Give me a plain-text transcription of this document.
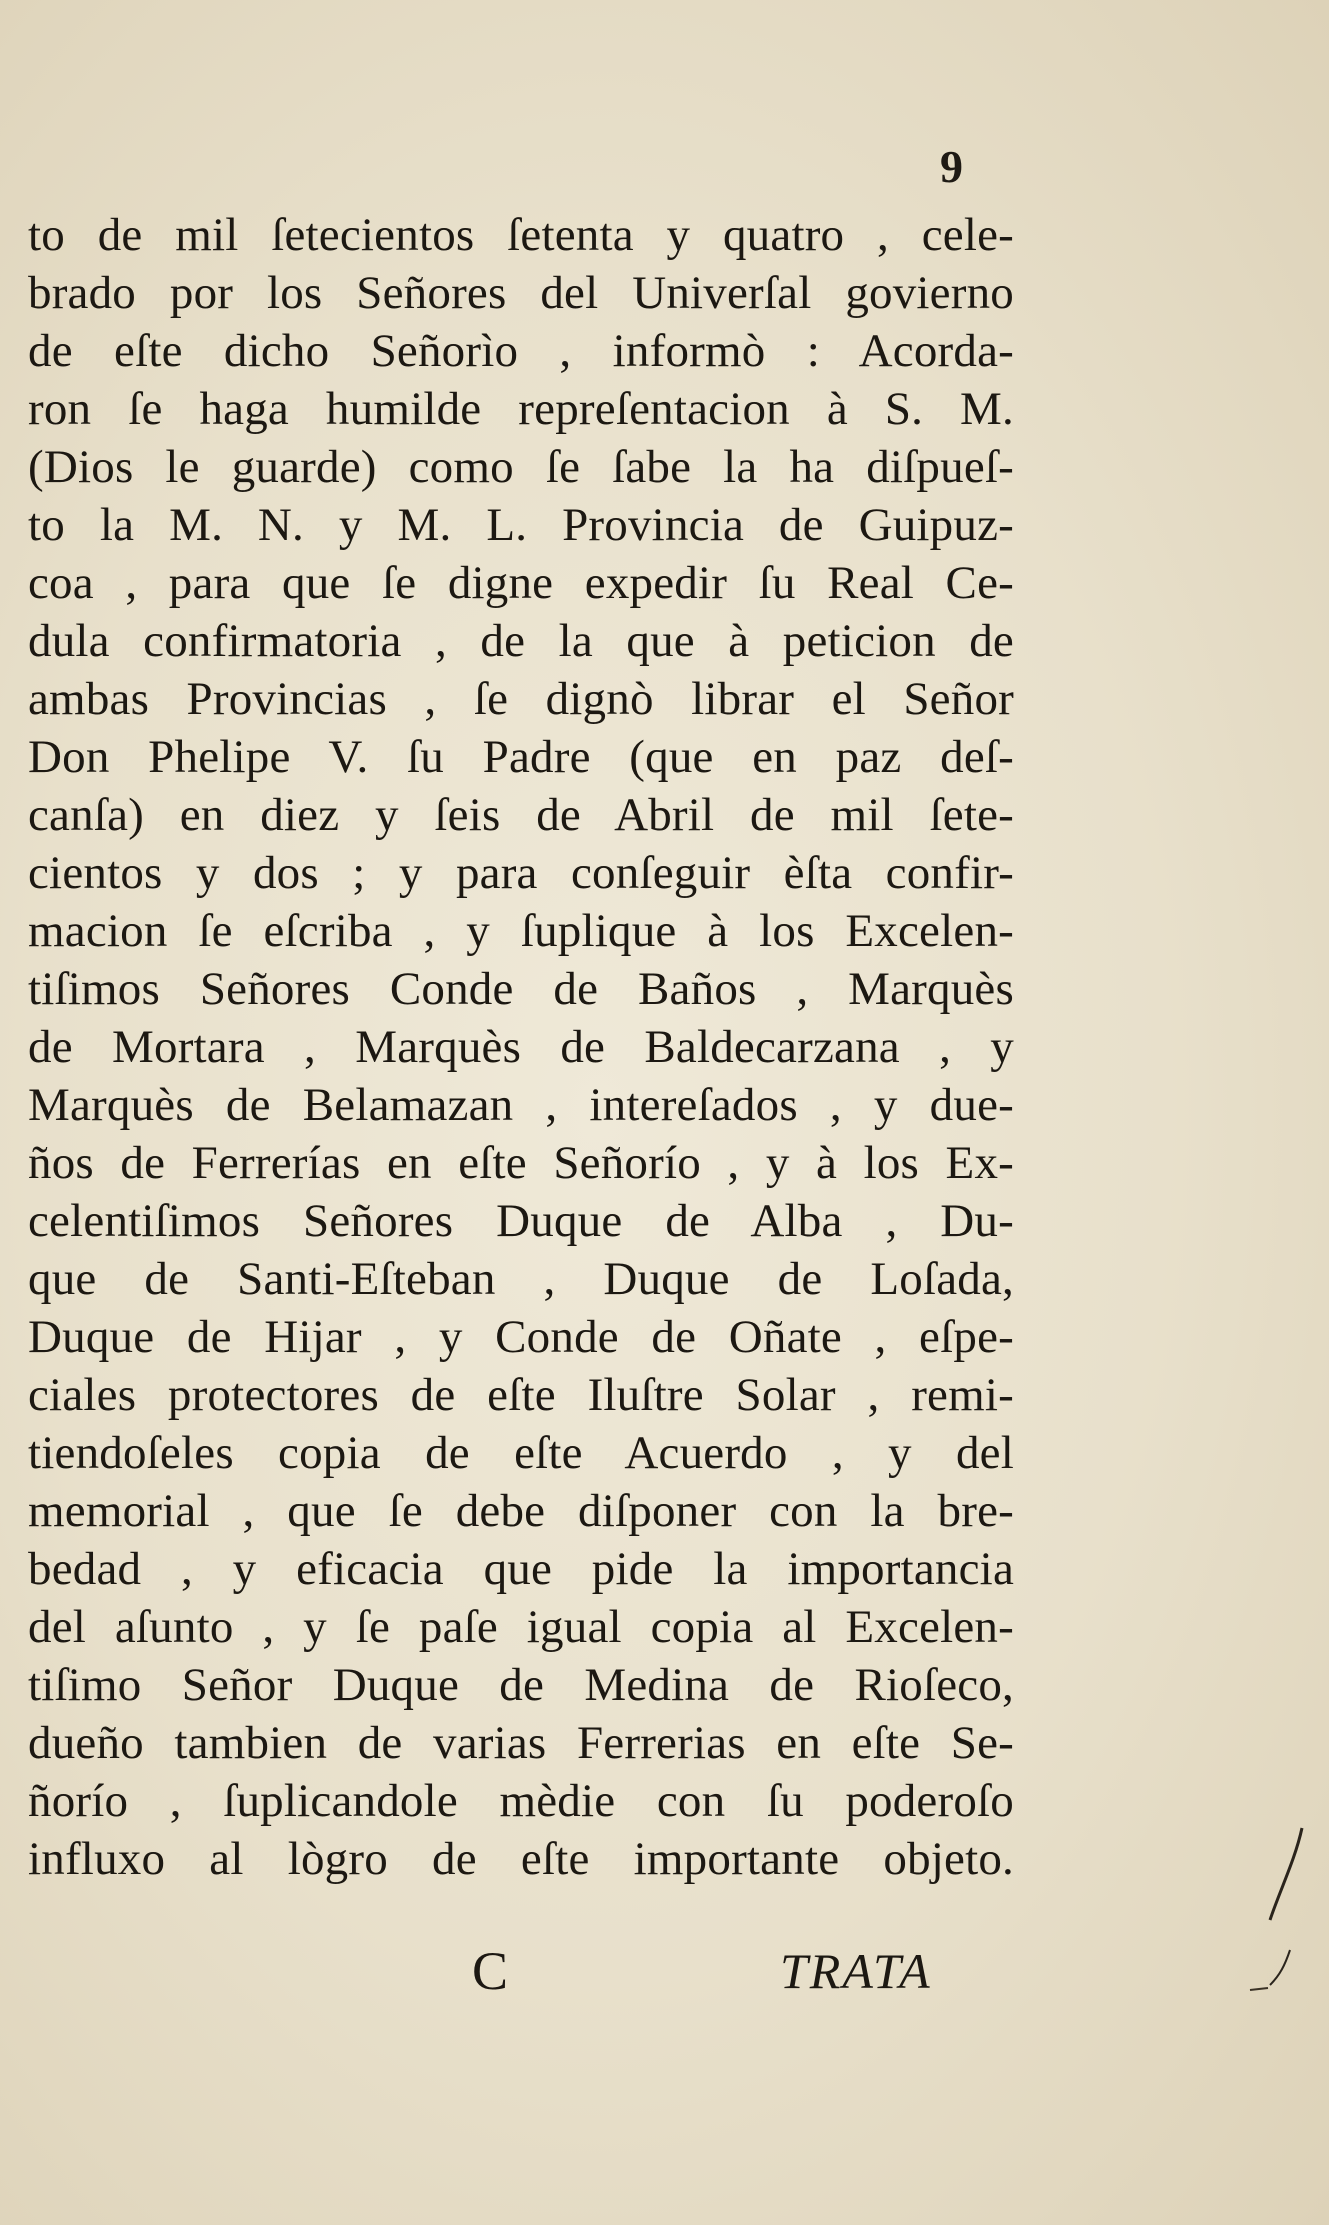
9
to de mil ſetecientos ſetenta y quatro , cele-
brado por los Señores del Univerſal govierno
de eſte dicho Señorìo , informò : Acorda-
ron ſe haga humilde repreſentacion à S. M.
(Dios le guarde) como ſe ſabe la ha diſpueſ-
to la M. N. y M. L. Provincia de Guipuz-
coa , para que ſe digne expedir ſu Real Ce-
dula confirmatoria , de la que à peticion de
ambas Provincias , ſe dignò librar el Señor
Don Phelipe V. ſu Padre (que en paz deſ-
canſa) en diez y ſeis de Abril de mil ſete-
cientos y dos ; y para conſeguir èſta confir-
macion ſe eſcriba , y ſuplique à los Excelen-
tiſimos Señores Conde de Baños , Marquès
de Mortara , Marquès de Baldecarzana , y
Marquès de Belamazan , intereſados , y due-
ños de Ferrerías en eſte Señorío , y à los Ex-
celentiſimos Señores Duque de Alba , Du-
que de Santi-Eſteban , Duque de Loſada,
Duque de Hijar , y Conde de Oñate , eſpe-
ciales protectores de eſte Iluſtre Solar , remi-
tiendoſeles copia de eſte Acuerdo , y del
memorial , que ſe debe diſponer con la bre-
bedad , y eficacia que pide la importancia
del aſunto , y ſe paſe igual copia al Excelen-
tiſimo Señor Duque de Medina de Rioſeco,
dueño tambien de varias Ferrerias en eſte Se-
ñorío , ſuplicandole mèdie con ſu poderoſo
influxo al lògro de eſte importante objeto.
C	TRATA
